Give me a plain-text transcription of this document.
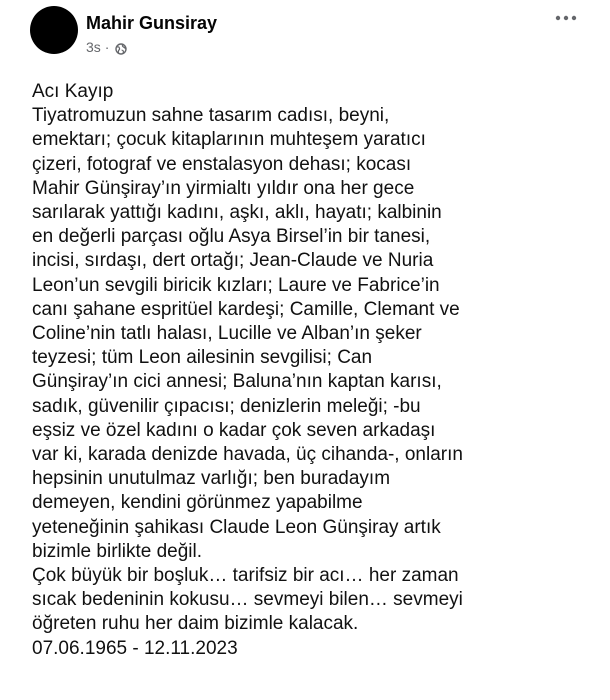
Mahir Gunsiray
3s ·
Acı Kayıp
Tiyatromuzun sahne tasarım cadısı, beyni,
emektarı; çocuk kitaplarının muhteşem yaratıcı
çizeri, fotograf ve enstalasyon dehası; kocası
Mahir Günşiray’ın yirmialtı yıldır ona her gece
sarılarak yattığı kadını, aşkı, aklı, hayatı; kalbinin
en değerli parçası oğlu Asya Birsel’in bir tanesi,
incisi, sırdaşı, dert ortağı; Jean-Claude ve Nuria
Leon’un sevgili biricik kızları; Laure ve Fabrice’in
canı şahane espritüel kardeşi; Camille, Clemant ve
Coline’nin tatlı halası, Lucille ve Alban’ın şeker
teyzesi; tüm Leon ailesinin sevgilisi; Can
Günşiray’ın cici annesi; Baluna’nın kaptan karısı,
sadık, güvenilir çıpacısı; denizlerin meleği; -bu
eşsiz ve özel kadını o kadar çok seven arkadaşı
var ki, karada denizde havada, üç cihanda-, onların
hepsinin unutulmaz varlığı; ben buradayım
demeyen, kendini görünmez yapabilme
yeteneğinin şahikası Claude Leon Günşiray artık
bizimle birlikte değil.
Çok büyük bir boşluk… tarifsiz bir acı… her zaman
sıcak bedeninin kokusu… sevmeyi bilen… sevmeyi
öğreten ruhu her daim bizimle kalacak.
07.06.1965 - 12.11.2023
